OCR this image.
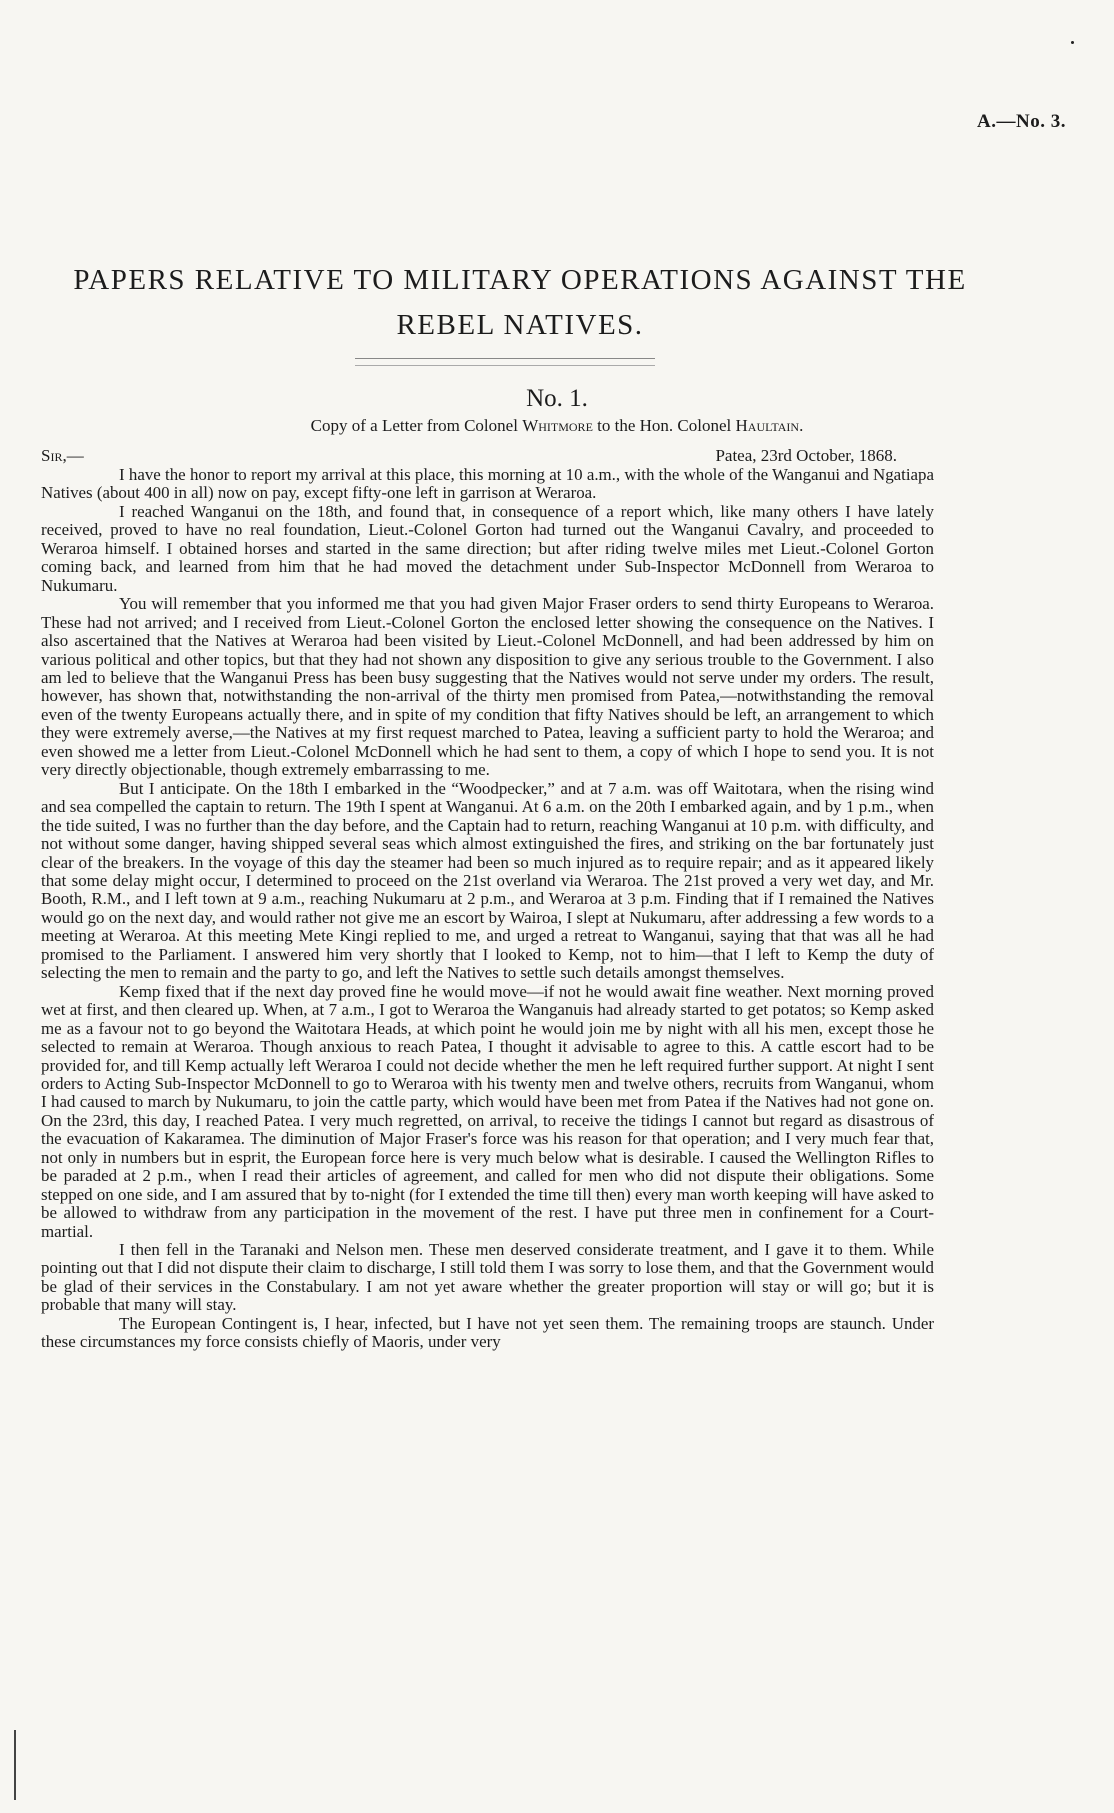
A.—No. 3.
PAPERS RELATIVE TO MILITARY OPERATIONS AGAINST THE
REBEL NATIVES.
No. 1.
Copy of a Letter from Colonel Whitmore to the Hon. Colonel Haultain.
Sir,—	Patea, 23rd October, 1868.

I have the honor to report my arrival at this place, this morning at 10 a.m., with the whole of the Wanganui and Ngatiapa Natives (about 400 in all) now on pay, except fifty-one left in garrison at Weraroa.

I reached Wanganui on the 18th, and found that, in consequence of a report which, like many others I have lately received, proved to have no real foundation, Lieut.-Colonel Gorton had turned out the Wanganui Cavalry, and proceeded to Weraroa himself. I obtained horses and started in the same direction; but after riding twelve miles met Lieut.-Colonel Gorton coming back, and learned from him that he had moved the detachment under Sub-Inspector McDonnell from Weraroa to Nukumaru.

You will remember that you informed me that you had given Major Fraser orders to send thirty Europeans to Weraroa. These had not arrived; and I received from Lieut.-Colonel Gorton the enclosed letter showing the consequence on the Natives. I also ascertained that the Natives at Weraroa had been visited by Lieut.-Colonel McDonnell, and had been addressed by him on various political and other topics, but that they had not shown any disposition to give any serious trouble to the Government. I also am led to believe that the Wanganui Press has been busy suggesting that the Natives would not serve under my orders. The result, however, has shown that, notwithstanding the non-arrival of the thirty men promised from Patea,—notwithstanding the removal even of the twenty Europeans actually there, and in spite of my condition that fifty Natives should be left, an arrangement to which they were extremely averse,—the Natives at my first request marched to Patea, leaving a sufficient party to hold the Weraroa; and even showed me a letter from Lieut.-Colonel McDonnell which he had sent to them, a copy of which I hope to send you. It is not very directly objectionable, though extremely embarrassing to me.

But I anticipate. On the 18th I embarked in the “Woodpecker,” and at 7 a.m. was off Waitotara, when the rising wind and sea compelled the captain to return. The 19th I spent at Wanganui. At 6 a.m. on the 20th I embarked again, and by 1 p.m., when the tide suited, I was no further than the day before, and the Captain had to return, reaching Wanganui at 10 p.m. with difficulty, and not without some danger, having shipped several seas which almost extinguished the fires, and striking on the bar fortunately just clear of the breakers. In the voyage of this day the steamer had been so much injured as to require repair; and as it appeared likely that some delay might occur, I determined to proceed on the 21st overland via Weraroa. The 21st proved a very wet day, and Mr. Booth, R.M., and I left town at 9 a.m., reaching Nukumaru at 2 p.m., and Weraroa at 3 p.m. Finding that if I remained the Natives would go on the next day, and would rather not give me an escort by Wairoa, I slept at Nukumaru, after addressing a few words to a meeting at Weraroa. At this meeting Mete Kingi replied to me, and urged a retreat to Wanganui, saying that that was all he had promised to the Parliament. I answered him very shortly that I looked to Kemp, not to him—that I left to Kemp the duty of selecting the men to remain and the party to go, and left the Natives to settle such details amongst themselves.

Kemp fixed that if the next day proved fine he would move—if not he would await fine weather. Next morning proved wet at first, and then cleared up. When, at 7 a.m., I got to Weraroa the Wanganuis had already started to get potatos; so Kemp asked me as a favour not to go beyond the Waitotara Heads, at which point he would join me by night with all his men, except those he selected to remain at Weraroa. Though anxious to reach Patea, I thought it advisable to agree to this. A cattle escort had to be provided for, and till Kemp actually left Weraroa I could not decide whether the men he left required further support. At night I sent orders to Acting Sub-Inspector McDonnell to go to Weraroa with his twenty men and twelve others, recruits from Wanganui, whom I had caused to march by Nukumaru, to join the cattle party, which would have been met from Patea if the Natives had not gone on. On the 23rd, this day, I reached Patea. I very much regretted, on arrival, to receive the tidings I cannot but regard as disastrous of the evacuation of Kakaramea. The diminution of Major Fraser's force was his reason for that operation; and I very much fear that, not only in numbers but in esprit, the European force here is very much below what is desirable. I caused the Wellington Rifles to be paraded at 2 p.m., when I read their articles of agreement, and called for men who did not dispute their obligations. Some stepped on one side, and I am assured that by to-night (for I extended the time till then) every man worth keeping will have asked to be allowed to withdraw from any participation in the movement of the rest. I have put three men in confinement for a Court-martial.

I then fell in the Taranaki and Nelson men. These men deserved considerate treatment, and I gave it to them. While pointing out that I did not dispute their claim to discharge, I still told them I was sorry to lose them, and that the Government would be glad of their services in the Constabulary. I am not yet aware whether the greater proportion will stay or will go; but it is probable that many will stay.

The European Contingent is, I hear, infected, but I have not yet seen them. The remaining troops are staunch. Under these circumstances my force consists chiefly of Maoris, under very
